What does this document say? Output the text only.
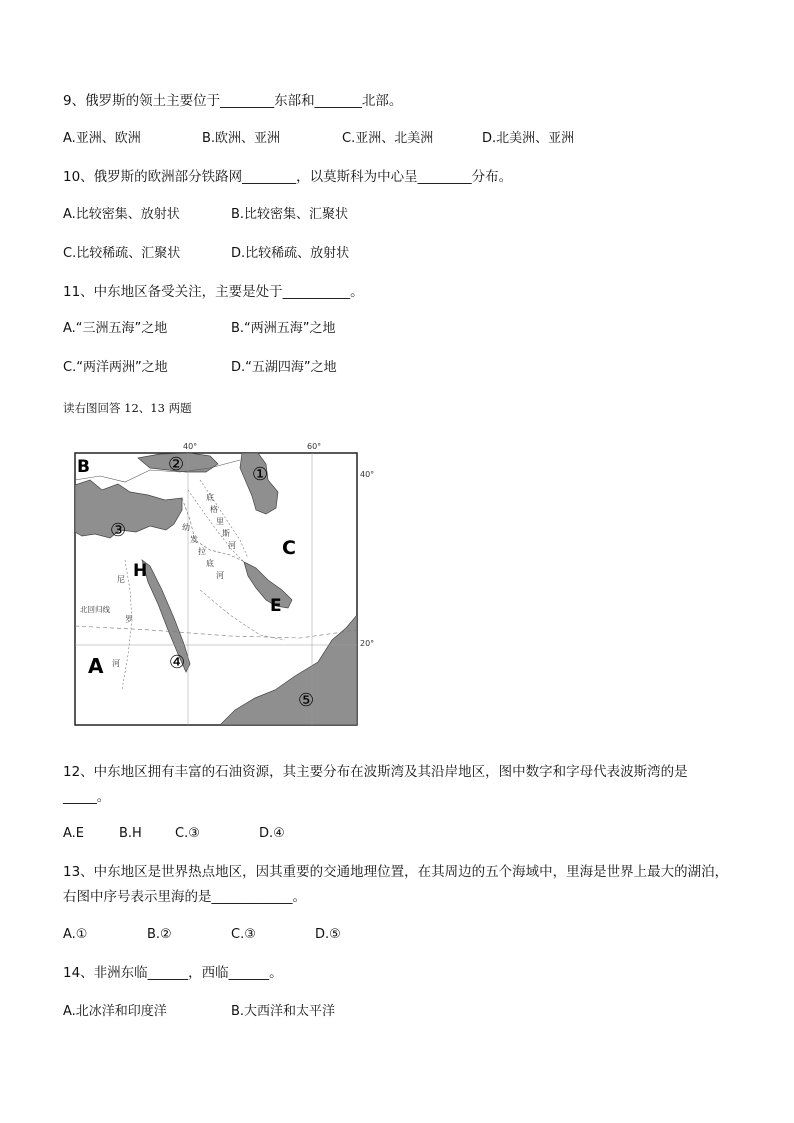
9、俄罗斯的领土主要位于________东部和_______北部。
A.亚洲、欧洲	B.欧洲、亚洲	C.亚洲、北美洲	D.北美洲、亚洲
10、俄罗斯的欧洲部分铁路网________，以莫斯科为中心呈________分布。
A.比较密集、放射状	B.比较密集、汇聚状
C.比较稀疏、汇聚状	D.比较稀疏、放射状
11、中东地区备受关注，主要是处于__________。
A.“三洲五海”之地	B.“两洲五海”之地
C.“两洋两洲”之地	D.“五湖四海”之地
读右图回答 12、13 两题
40°	60°
40°
20°
B
C
E
H
A
①
②
③
④
⑤
幼
发
拉
底
河
底
格
里
斯
河
尼
罗
河
北回归线
12、中东地区拥有丰富的石油资源，其主要分布在波斯湾及其沿岸地区，图中数字和字母代表波斯湾的是
_____。
A.E	B.H	C.③	D.④
13、中东地区是世界热点地区，因其重要的交通地理位置，在其周边的五个海域中，里海是世界上最大的湖泊，
右图中序号表示里海的是____________。
A.①	B.②	C.③	D.⑤
14、非洲东临______，西临______。
A.北冰洋和印度洋	B.大西洋和太平洋
